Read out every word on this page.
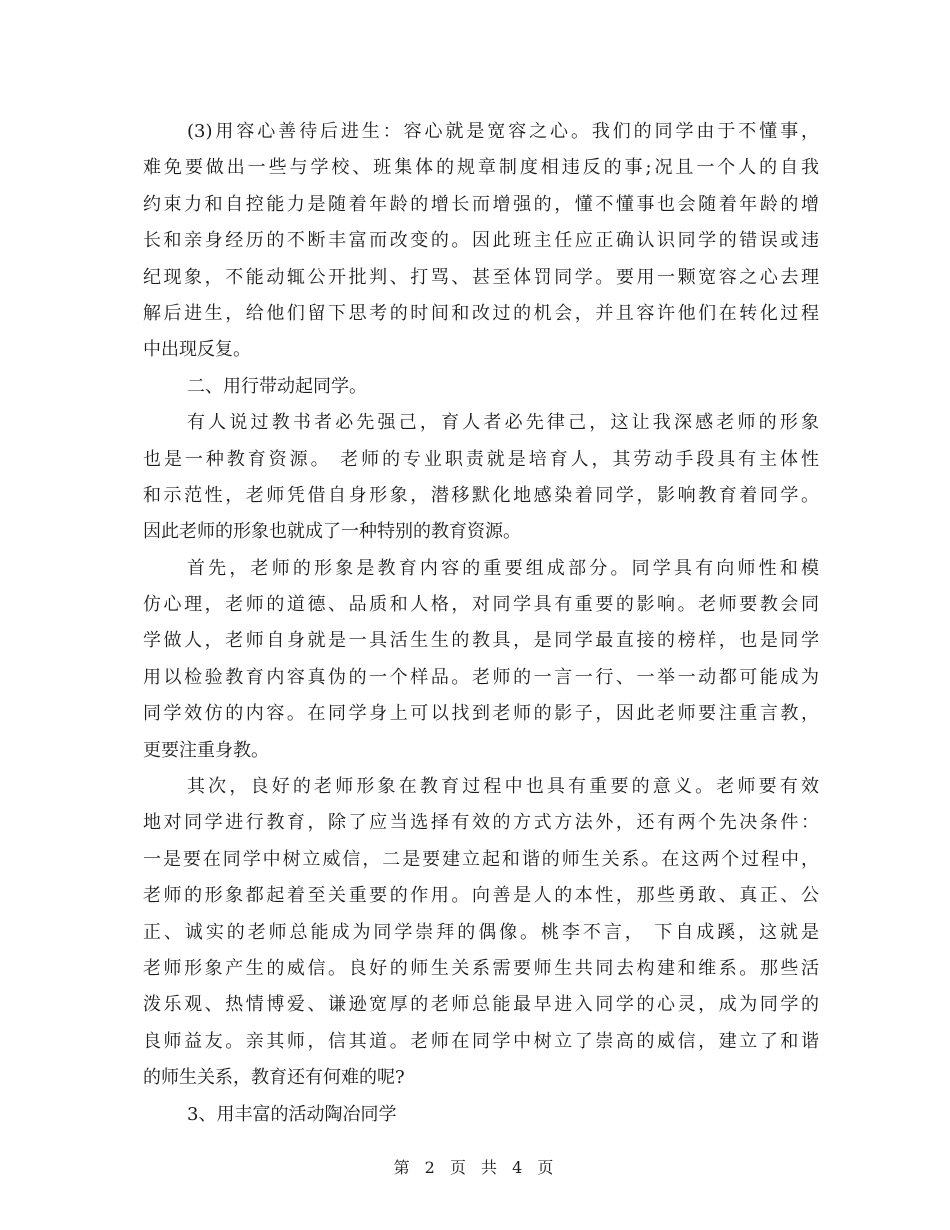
(3)用容心善待后进生：容心就是宽容之心。我们的同学由于不懂事，
难免要做出一些与学校、班集体的规章制度相违反的事;况且一个人的自我
约束力和自控能力是随着年龄的增长而增强的，懂不懂事也会随着年龄的增
长和亲身经历的不断丰富而改变的。因此班主任应正确认识同学的错误或违
纪现象，不能动辄公开批判、打骂、甚至体罚同学。要用一颗宽容之心去理
解后进生，给他们留下思考的时间和改过的机会，并且容许他们在转化过程
中出现反复。
二、用行带动起同学。
有人说过教书者必先强己，育人者必先律己，这让我深感老师的形象
也是一种教育资源。 老师的专业职责就是培育人，其劳动手段具有主体性
和示范性，老师凭借自身形象，潜移默化地感染着同学，影响教育着同学。
因此老师的形象也就成了一种特别的教育资源。
首先，老师的形象是教育内容的重要组成部分。同学具有向师性和模
仿心理，老师的道德、品质和人格，对同学具有重要的影响。老师要教会同
学做人，老师自身就是一具活生生的教具，是同学最直接的榜样，也是同学
用以检验教育内容真伪的一个样品。老师的一言一行、一举一动都可能成为
同学效仿的内容。在同学身上可以找到老师的影子，因此老师要注重言教，
更要注重身教。
其次，良好的老师形象在教育过程中也具有重要的意义。老师要有效
地对同学进行教育，除了应当选择有效的方式方法外，还有两个先决条件：
一是要在同学中树立威信，二是要建立起和谐的师生关系。在这两个过程中，
老师的形象都起着至关重要的作用。向善是人的本性，那些勇敢、真正、公
正、诚实的老师总能成为同学崇拜的偶像。桃李不言， 下自成蹊，这就是
老师形象产生的威信。良好的师生关系需要师生共同去构建和维系。那些活
泼乐观、热情博爱、谦逊宽厚的老师总能最早进入同学的心灵，成为同学的
良师益友。亲其师，信其道。老师在同学中树立了崇高的威信，建立了和谐
的师生关系，教育还有何难的呢?
3、用丰富的活动陶冶同学
第 2 页 共 4 页
